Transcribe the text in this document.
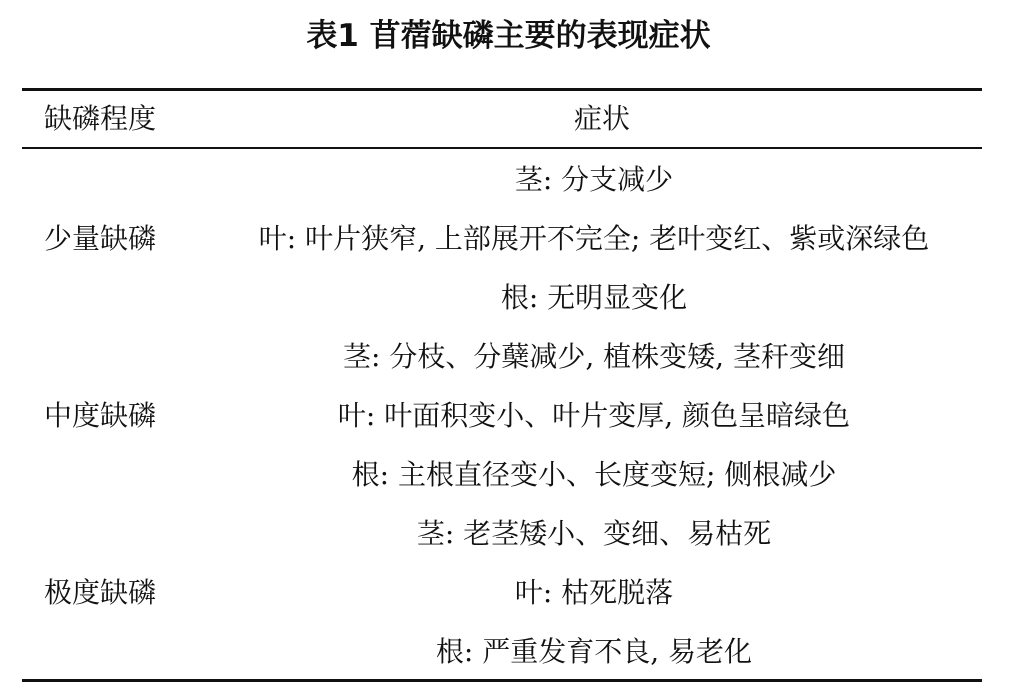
表1 苜蓿缺磷主要的表现症状
缺磷程度	症状
少量缺磷
茎: 分支减少
叶: 叶片狭窄, 上部展开不完全; 老叶变红、紫或深绿色
根: 无明显变化
中度缺磷
茎: 分枝、分蘖减少, 植株变矮, 茎秆变细
叶: 叶面积变小、叶片变厚, 颜色呈暗绿色
根: 主根直径变小、长度变短; 侧根减少
极度缺磷
茎: 老茎矮小、变细、易枯死
叶: 枯死脱落
根: 严重发育不良, 易老化
